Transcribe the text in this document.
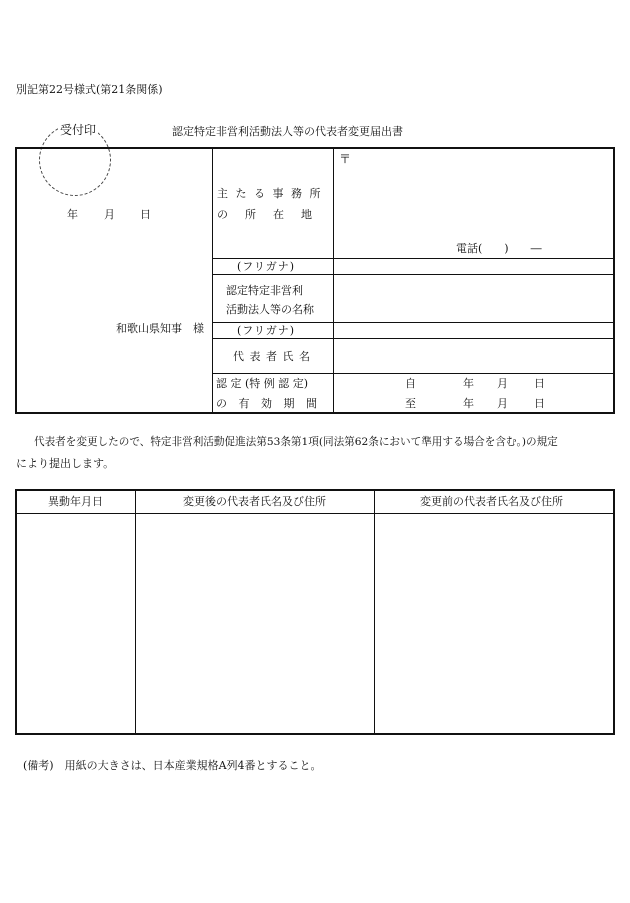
別記第22号様式(第21条関係)
認定特定非営利活動法人等の代表者変更届出書
受付印
年 月 日
和歌山県知事　様
主 た る 事 務 所
の　所　在　地
〒
電話(　　)　　―
(フリガナ)
認定特定非営利
活動法人等の名称
(フリガナ)
代 表 者 氏 名
認 定 (特 例 認 定)
の 有 効 期 間
自	年 月 日
至	年 月 日
代表者を変更したので、特定非営利活動促進法第53条第1項(同法第62条において準用する場合を含む。)の規定
により提出します。
異動年月日	変更後の代表者氏名及び住所	変更前の代表者氏名及び住所
(備考)　用紙の大きさは、日本産業規格A列4番とすること。
